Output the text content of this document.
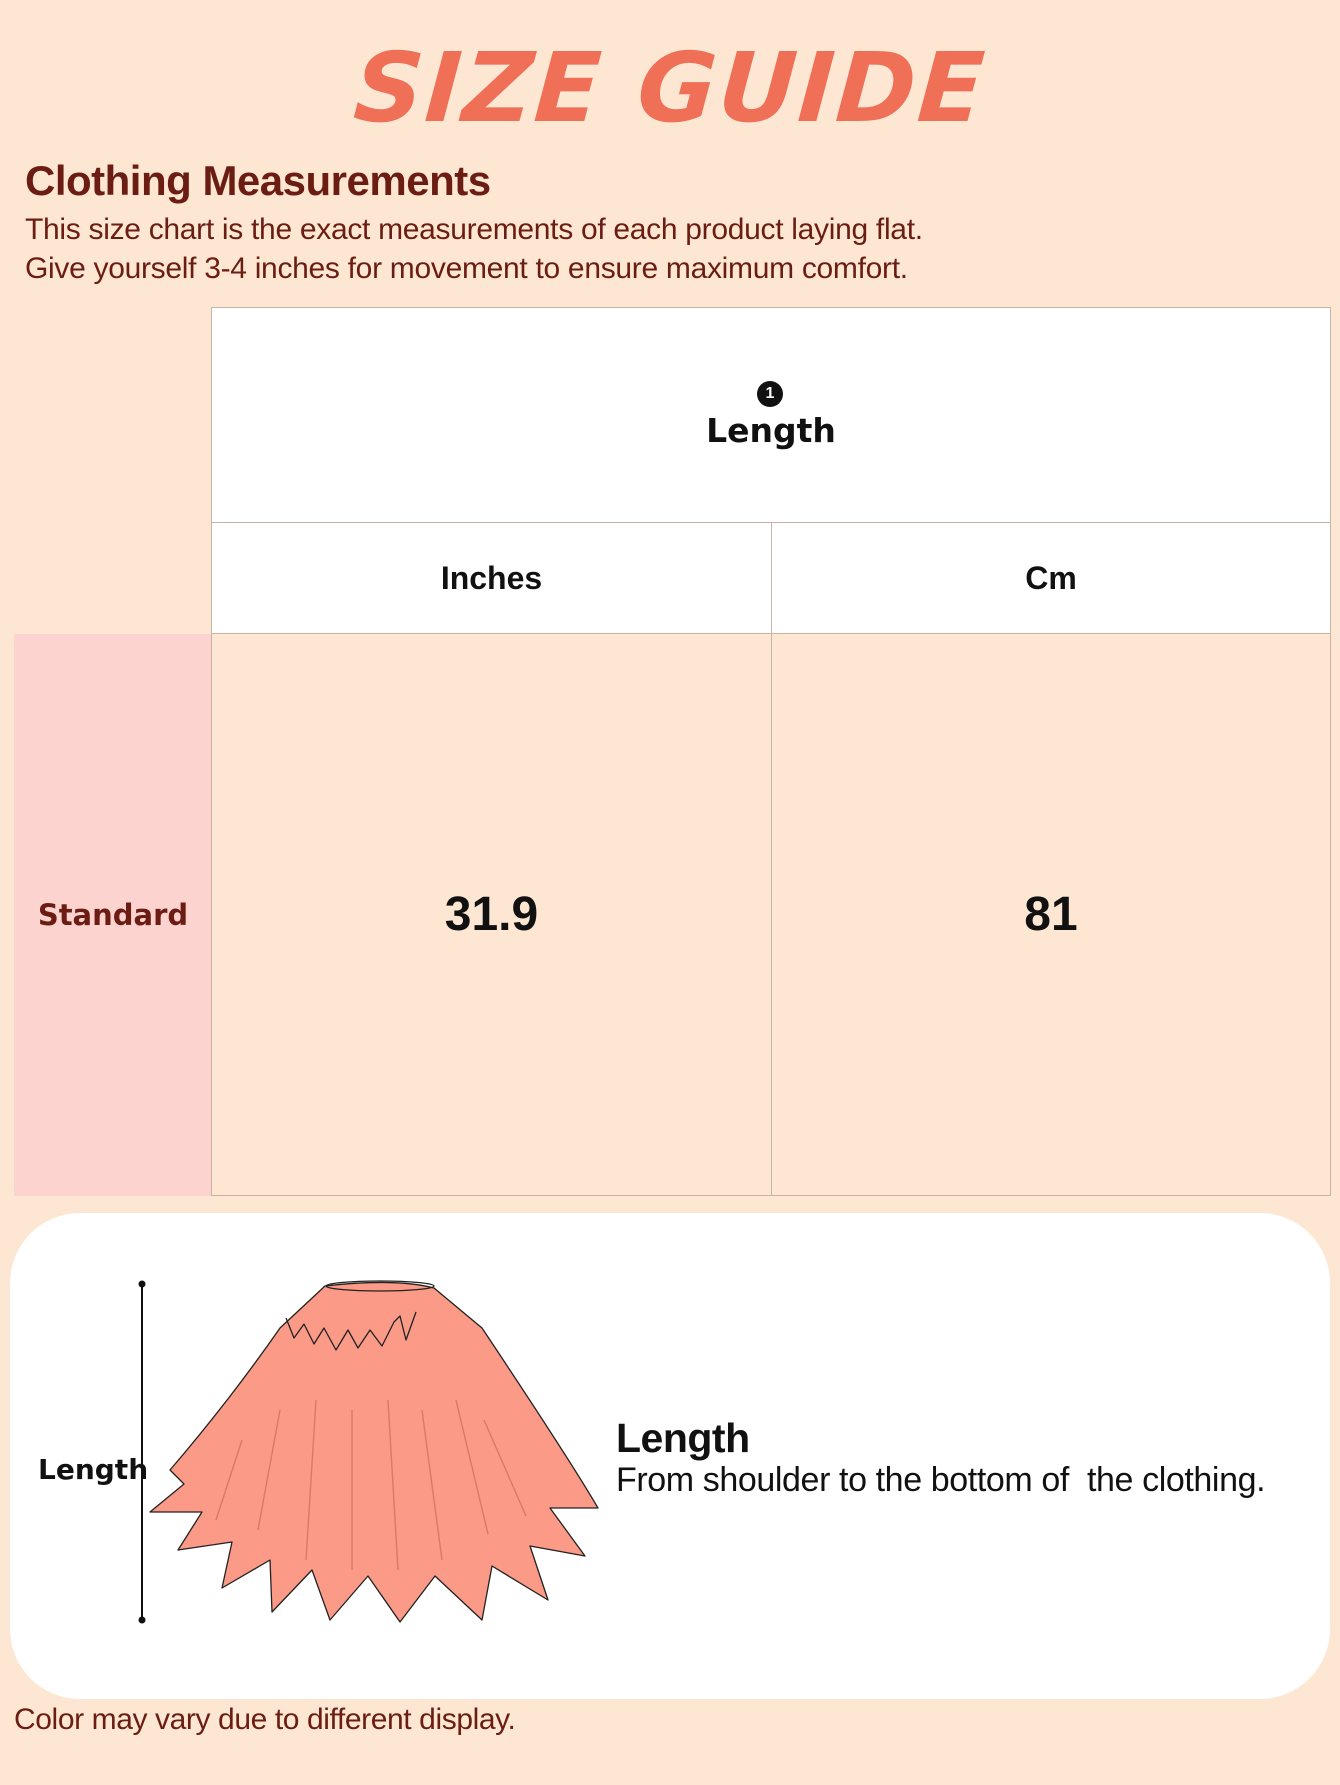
SIZE GUIDE
Clothing Measurements
This size chart is the exact measurements of each product laying flat.
Give yourself 3-4 inches for movement to ensure maximum comfort.
1
Length
Inches	Cm
Standard	31.9	81
Length
Length
From shoulder to the bottom of  the clothing.
Color may vary due to different display.
